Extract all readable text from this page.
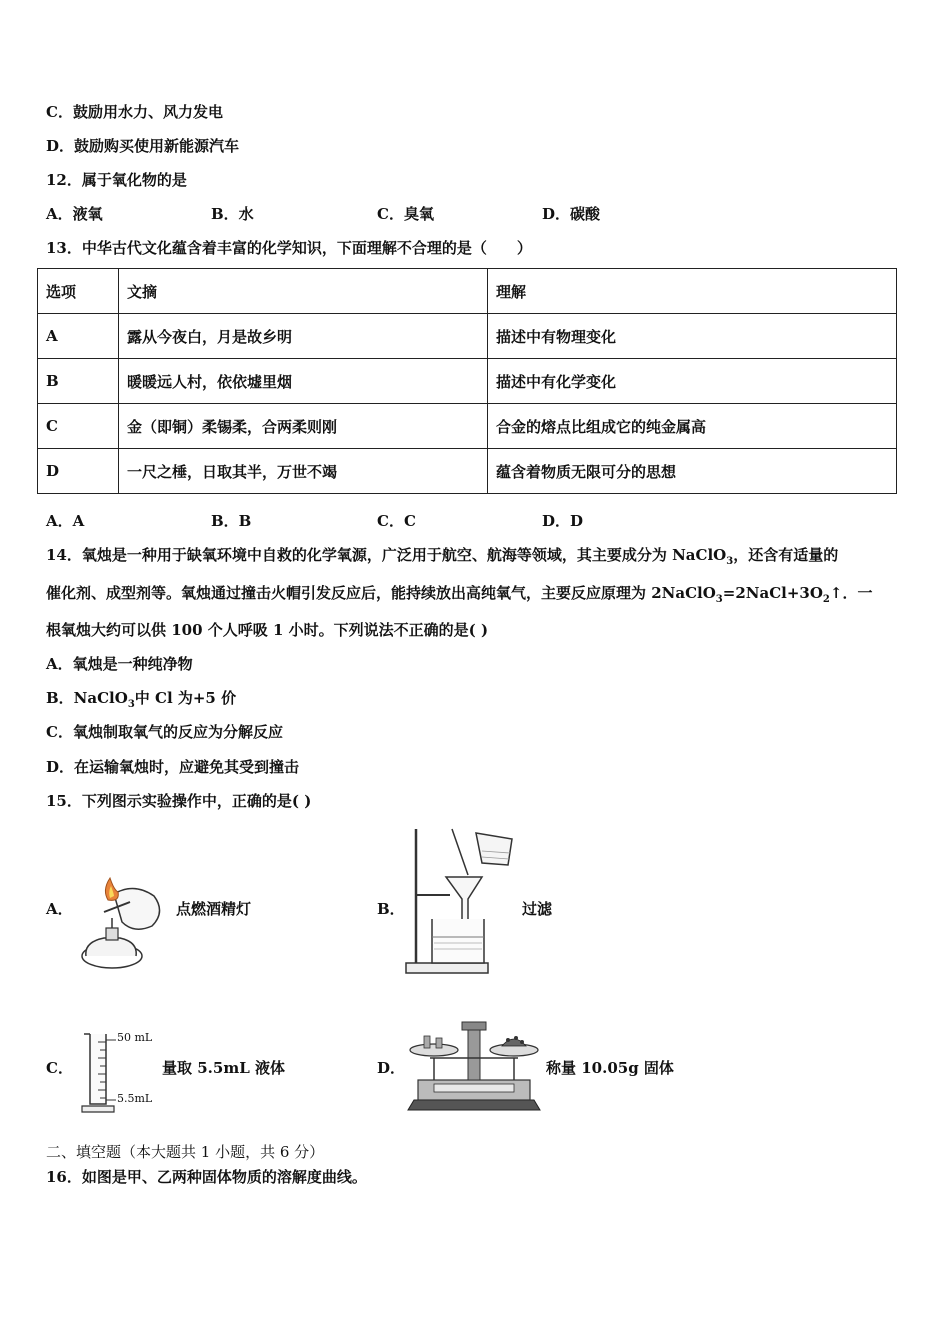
C．鼓励用水力、风力发电
D．鼓励购买使用新能源汽车
12．属于氧化物的是
A．液氧	B．水	C．臭氧	D．碳酸
13．中华古代文化蕴含着丰富的化学知识，下面理解不合理的是（　　）
选项	文摘	理解
A	露从今夜白，月是故乡明	描述中有物理变化
B	暖暖远人村，依依墟里烟	描述中有化学变化
C	金（即铜）柔锡柔，合两柔则刚	合金的熔点比组成它的纯金属高
D	一尺之棰，日取其半，万世不竭	蕴含着物质无限可分的思想
A．A	B．B	C．C	D．D
14．氧烛是一种用于缺氧环境中自救的化学氧源，广泛用于航空、航海等领域，其主要成分为 NaClO$_3$，还含有适量的
催化剂、成型剂等。氧烛通过撞击火帽引发反应后，能持续放出高纯氧气，主要反应原理为 $2NaClO_3=2NaCl+3O_2↑$．一
根氧烛大约可以供 100 个人呼吸 1 小时。下列说法不正确的是( )
A．氧烛是一种纯净物
B．NaClO$_3$中 Cl 为+5 价
C．氧烛制取氧气的反应为分解反应
D．在运输氧烛时，应避免其受到撞击
15．下列图示实验操作中，正确的是( )
A．	点燃酒精灯	B．	过滤
C．
50 mL
5.5mL
量取 5.5mL 液体	D．	称量 10.05g 固体
二、填空题（本大题共 1 小题，共 6 分）
16．如图是甲、乙两种固体物质的溶解度曲线。
